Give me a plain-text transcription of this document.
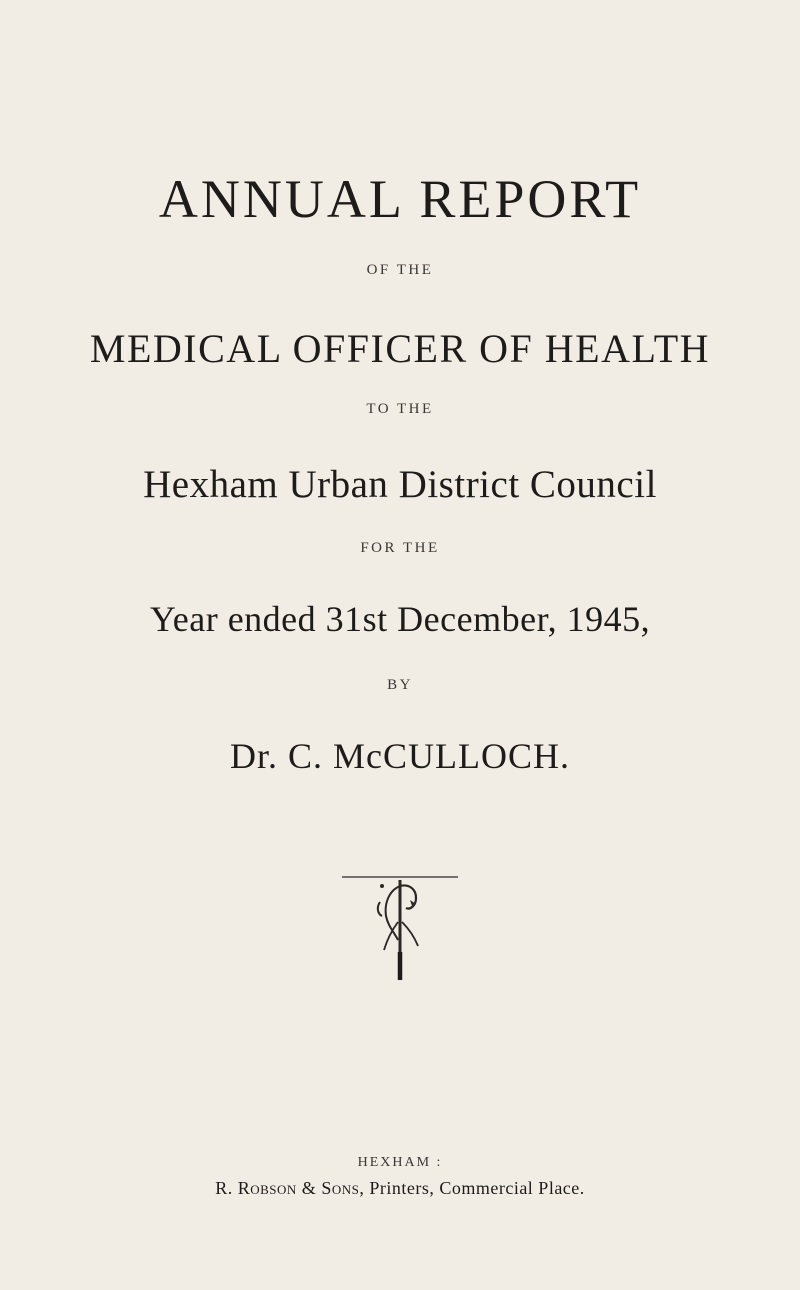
ANNUAL REPORT
OF THE
MEDICAL OFFICER OF HEALTH
TO THE
Hexham Urban District Council
FOR THE
Year ended 31st December, 1945,
BY
Dr. C. McCULLOCH.
HEXHAM :
R. Robson & Sons, Printers, Commercial Place.
